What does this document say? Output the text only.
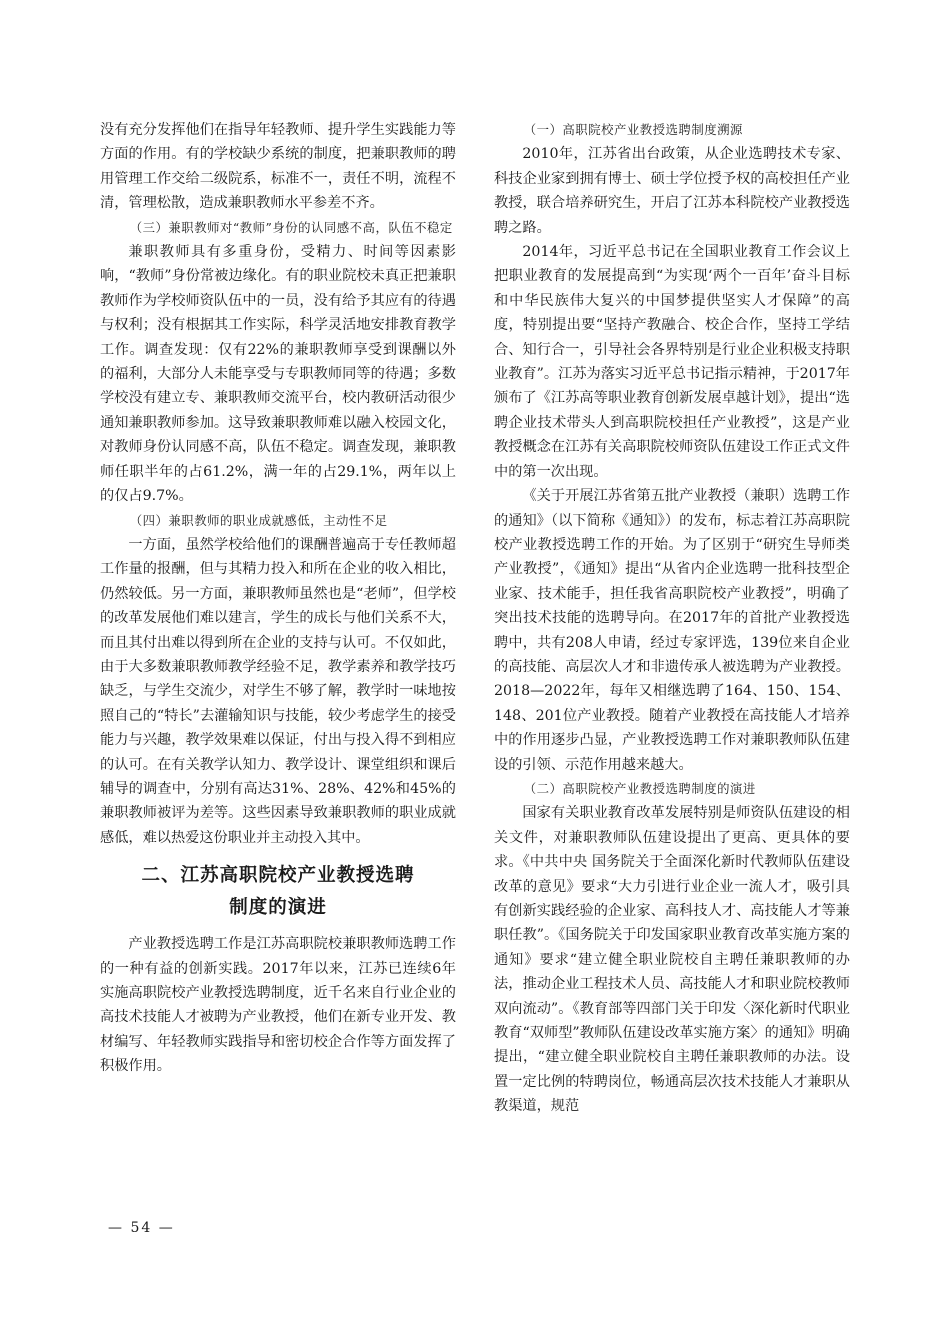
没有充分发挥他们在指导年轻教师、提升学生实践能力等方面的作用。有的学校缺少系统的制度，把兼职教师的聘用管理工作交给二级院系，标准不一，责任不明，流程不清，管理松散，造成兼职教师水平参差不齐。

（三）兼职教师对“教师”身份的认同感不高，队伍不稳定

兼职教师具有多重身份，受精力、时间等因素影响，“教师”身份常被边缘化。有的职业院校未真正把兼职教师作为学校师资队伍中的一员，没有给予其应有的待遇与权利；没有根据其工作实际，科学灵活地安排教育教学工作。调查发现：仅有22%的兼职教师享受到课酬以外的福利，大部分人未能享受与专职教师同等的待遇；多数学校没有建立专、兼职教师交流平台，校内教研活动很少通知兼职教师参加。这导致兼职教师难以融入校园文化，对教师身份认同感不高，队伍不稳定。调查发现，兼职教师任职半年的占61.2%，满一年的占29.1%，两年以上的仅占9.7%。

（四）兼职教师的职业成就感低，主动性不足

一方面，虽然学校给他们的课酬普遍高于专任教师超工作量的报酬，但与其精力投入和所在企业的收入相比，仍然较低。另一方面，兼职教师虽然也是“老师”，但学校的改革发展他们难以建言，学生的成长与他们关系不大，而且其付出难以得到所在企业的支持与认可。不仅如此，由于大多数兼职教师教学经验不足，教学素养和教学技巧缺乏，与学生交流少，对学生不够了解，教学时一味地按照自己的“特长”去灌输知识与技能，较少考虑学生的接受能力与兴趣，教学效果难以保证，付出与投入得不到相应的认可。在有关教学认知力、教学设计、课堂组织和课后辅导的调查中，分别有高达31%、28%、42%和45%的兼职教师被评为差等。这些因素导致兼职教师的职业成就感低，难以热爱这份职业并主动投入其中。

二、江苏高职院校产业教授选聘
制度的演进

产业教授选聘工作是江苏高职院校兼职教师选聘工作的一种有益的创新实践。2017年以来，江苏已连续6年实施高职院校产业教授选聘制度，近千名来自行业企业的高技术技能人才被聘为产业教授，他们在新专业开发、教材编写、年轻教师实践指导和密切校企合作等方面发挥了积极作用。

（一）高职院校产业教授选聘制度溯源

2010年，江苏省出台政策，从企业选聘技术专家、科技企业家到拥有博士、硕士学位授予权的高校担任产业教授，联合培养研究生，开启了江苏本科院校产业教授选聘之路。

2014年，习近平总书记在全国职业教育工作会议上把职业教育的发展提高到“为实现‘两个一百年’奋斗目标和中华民族伟大复兴的中国梦提供坚实人才保障”的高度，特别提出要“坚持产教融合、校企合作，坚持工学结合、知行合一，引导社会各界特别是行业企业积极支持职业教育”。江苏为落实习近平总书记指示精神，于2017年颁布了《江苏高等职业教育创新发展卓越计划》，提出“选聘企业技术带头人到高职院校担任产业教授”，这是产业教授概念在江苏有关高职院校师资队伍建设工作正式文件中的第一次出现。

《关于开展江苏省第五批产业教授（兼职）选聘工作的通知》（以下简称《通知》）的发布，标志着江苏高职院校产业教授选聘工作的开始。为了区别于“研究生导师类产业教授”，《通知》提出“从省内企业选聘一批科技型企业家、技术能手，担任我省高职院校产业教授”，明确了突出技术技能的选聘导向。在2017年的首批产业教授选聘中，共有208人申请，经过专家评选，139位来自企业的高技能、高层次人才和非遗传承人被选聘为产业教授。2018—2022年，每年又相继选聘了164、150、154、148、201位产业教授。随着产业教授在高技能人才培养中的作用逐步凸显，产业教授选聘工作对兼职教师队伍建设的引领、示范作用越来越大。

（二）高职院校产业教授选聘制度的演进

国家有关职业教育改革发展特别是师资队伍建设的相关文件，对兼职教师队伍建设提出了更高、更具体的要求。《中共中央 国务院关于全面深化新时代教师队伍建设改革的意见》要求“大力引进行业企业一流人才，吸引具有创新实践经验的企业家、高科技人才、高技能人才等兼职任教”。《国务院关于印发国家职业教育改革实施方案的通知》要求“建立健全职业院校自主聘任兼职教师的办法，推动企业工程技术人员、高技能人才和职业院校教师双向流动”。《教育部等四部门关于印发〈深化新时代职业教育“双师型”教师队伍建设改革实施方案〉的通知》明确提出，“建立健全职业院校自主聘任兼职教师的办法。设置一定比例的特聘岗位，畅通高层次技术技能人才兼职从教渠道，规范

— 54 —
